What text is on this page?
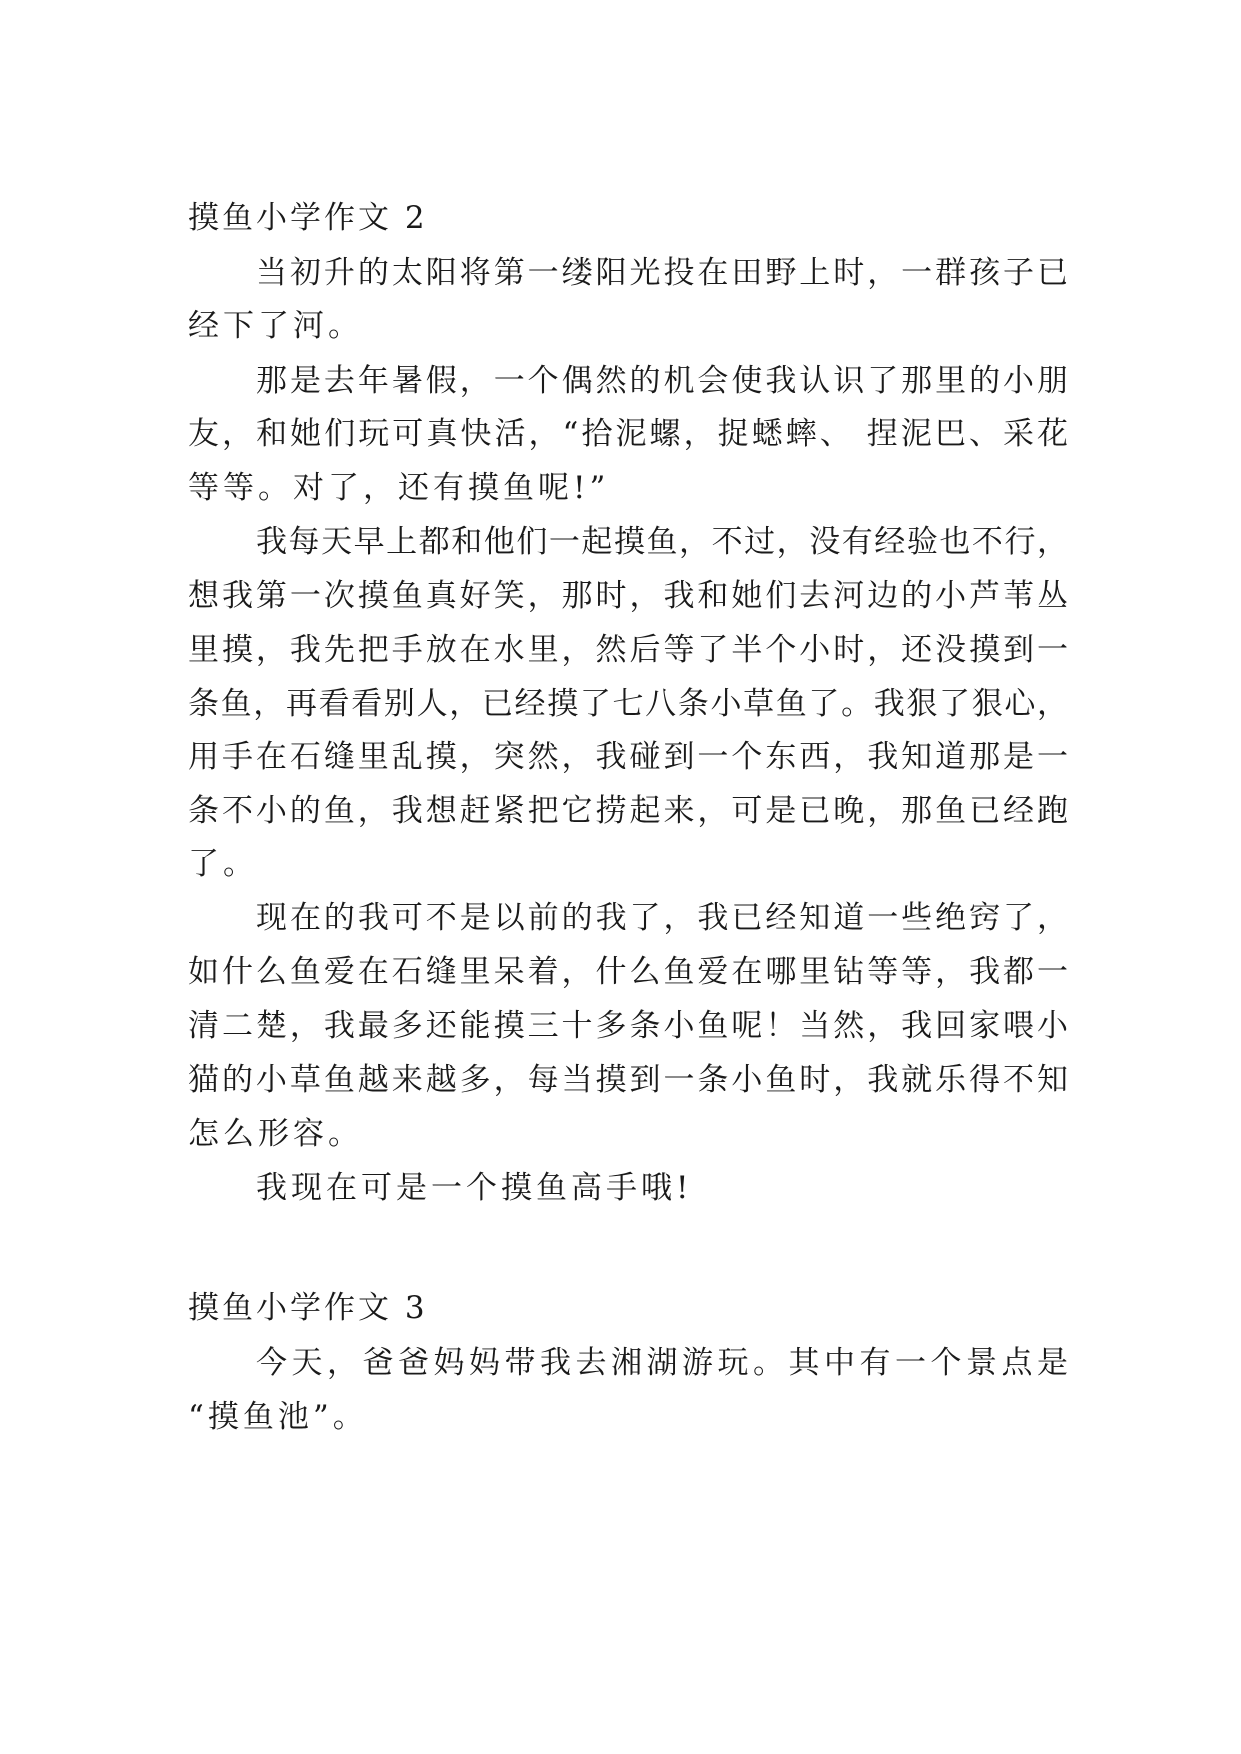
摸鱼小学作文 2
当初升的太阳将第一缕阳光投在田野上时，一群孩子已
经下了河。
那是去年暑假，一个偶然的机会使我认识了那里的小朋
友，和她们玩可真快活，“拾泥螺，捉蟋蟀、 捏泥巴、采花
等等。对了，还有摸鱼呢!”
我每天早上都和他们一起摸鱼，不过，没有经验也不行，
想我第一次摸鱼真好笑，那时，我和她们去河边的小芦苇丛
里摸，我先把手放在水里，然后等了半个小时，还没摸到一
条鱼，再看看别人，已经摸了七八条小草鱼了。我狠了狠心，
用手在石缝里乱摸，突然，我碰到一个东西，我知道那是一
条不小的鱼，我想赶紧把它捞起来，可是已晚，那鱼已经跑
了。
现在的我可不是以前的我了，我已经知道一些绝窍了，
如什么鱼爱在石缝里呆着，什么鱼爱在哪里钻等等，我都一
清二楚，我最多还能摸三十多条小鱼呢！当然，我回家喂小
猫的小草鱼越来越多，每当摸到一条小鱼时，我就乐得不知
怎么形容。
我现在可是一个摸鱼高手哦!
摸鱼小学作文 3
今天，爸爸妈妈带我去湘湖游玩。其中有一个景点是
“摸鱼池”。
